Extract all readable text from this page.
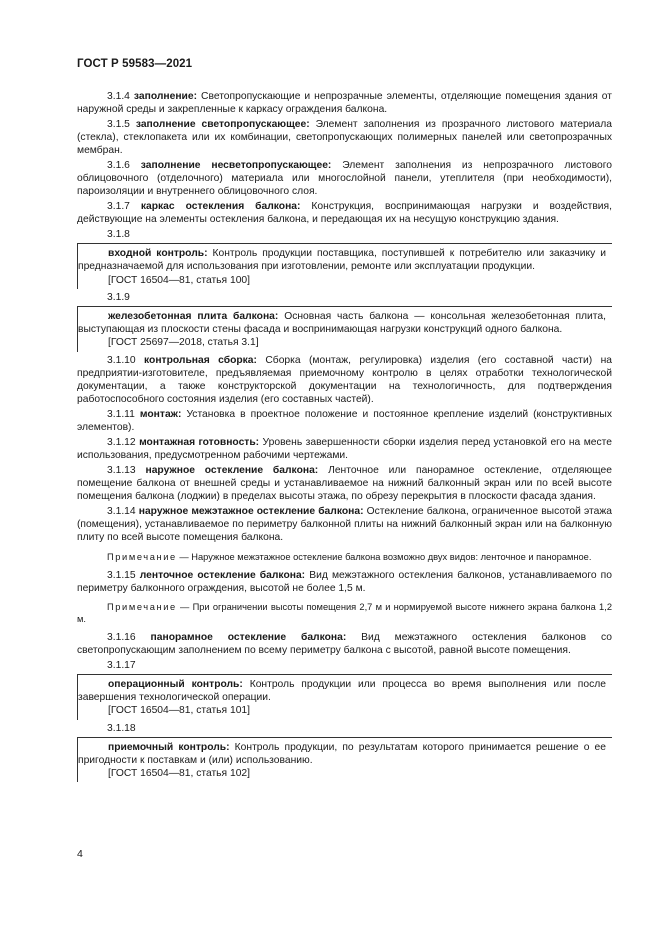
ГОСТ Р 59583—2021

3.1.4 заполнение: Светопропускающие и непрозрачные элементы, отделяющие помещения здания от наружной среды и закрепленные к каркасу ограждения балкона.

3.1.5 заполнение светопропускающее: Элемент заполнения из прозрачного листового материала (стекла), стеклопакета или их комбинации, светопропускающих полимерных панелей или светопрозрачных мембран.

3.1.6 заполнение несветопропускающее: Элемент заполнения из непрозрачного листового облицовочного (отделочного) материала или многослойной панели, утеплителя (при необходимости), пароизоляции и внутреннего облицовочного слоя.

3.1.7 каркас остекления балкона: Конструкция, воспринимающая нагрузки и воздействия, действующие на элементы остекления балкона, и передающая их на несущую конструкцию здания.

3.1.8

входной контроль: Контроль продукции поставщика, поступившей к потребителю или заказчику и предназначаемой для использования при изготовлении, ремонте или эксплуатации продукции.

[ГОСТ 16504—81, статья 100]
3.1.9

железобетонная плита балкона: Основная часть балкона — консольная железобетонная плита, выступающая из плоскости стены фасада и воспринимающая нагрузки конструкций одного балкона.

[ГОСТ 25697—2018, статья 3.1]

3.1.10 контрольная сборка: Сборка (монтаж, регулировка) изделия (его составной части) на предприятии-изготовителе, предъявляемая приемочному контролю в целях отработки технологической документации, а также конструкторской документации на технологичность, для подтверждения работоспособного состояния изделия (его составных частей).

3.1.11 монтаж: Установка в проектное положение и постоянное крепление изделий (конструктивных элементов).

3.1.12 монтажная готовность: Уровень завершенности сборки изделия перед установкой его на месте использования, предусмотренном рабочими чертежами.

3.1.13 наружное остекление балкона: Ленточное или панорамное остекление, отделяющее помещение балкона от внешней среды и устанавливаемое на нижний балконный экран или по всей высоте помещения балкона (лоджии) в пределах высоты этажа, по обрезу перекрытия в плоскости фасада здания.

3.1.14 наружное межэтажное остекление балкона: Остекление балкона, ограниченное высотой этажа (помещения), устанавливаемое по периметру балконной плиты на нижний балконный экран или на балконную плиту по всей высоте помещения балкона.

Примечание — Наружное межэтажное остекление балкона возможно двух видов: ленточное и панорамное.

3.1.15 ленточное остекление балкона: Вид межэтажного остекления балконов, устанавливаемого по периметру балконного ограждения, высотой не более 1,5 м.

Примечание — При ограничении высоты помещения 2,7 м и нормируемой высоте нижнего экрана балкона 1,2 м.

3.1.16 панорамное остекление балкона: Вид межэтажного остекления балконов со светопропускающим заполнением по всему периметру балкона с высотой, равной высоте помещения.

3.1.17

операционный контроль: Контроль продукции или процесса во время выполнения или после завершения технологической операции.

[ГОСТ 16504—81, статья 101]
3.1.18

приемочный контроль: Контроль продукции, по результатам которого принимается решение о ее пригодности к поставкам и (или) использованию.

[ГОСТ 16504—81, статья 102]
4
